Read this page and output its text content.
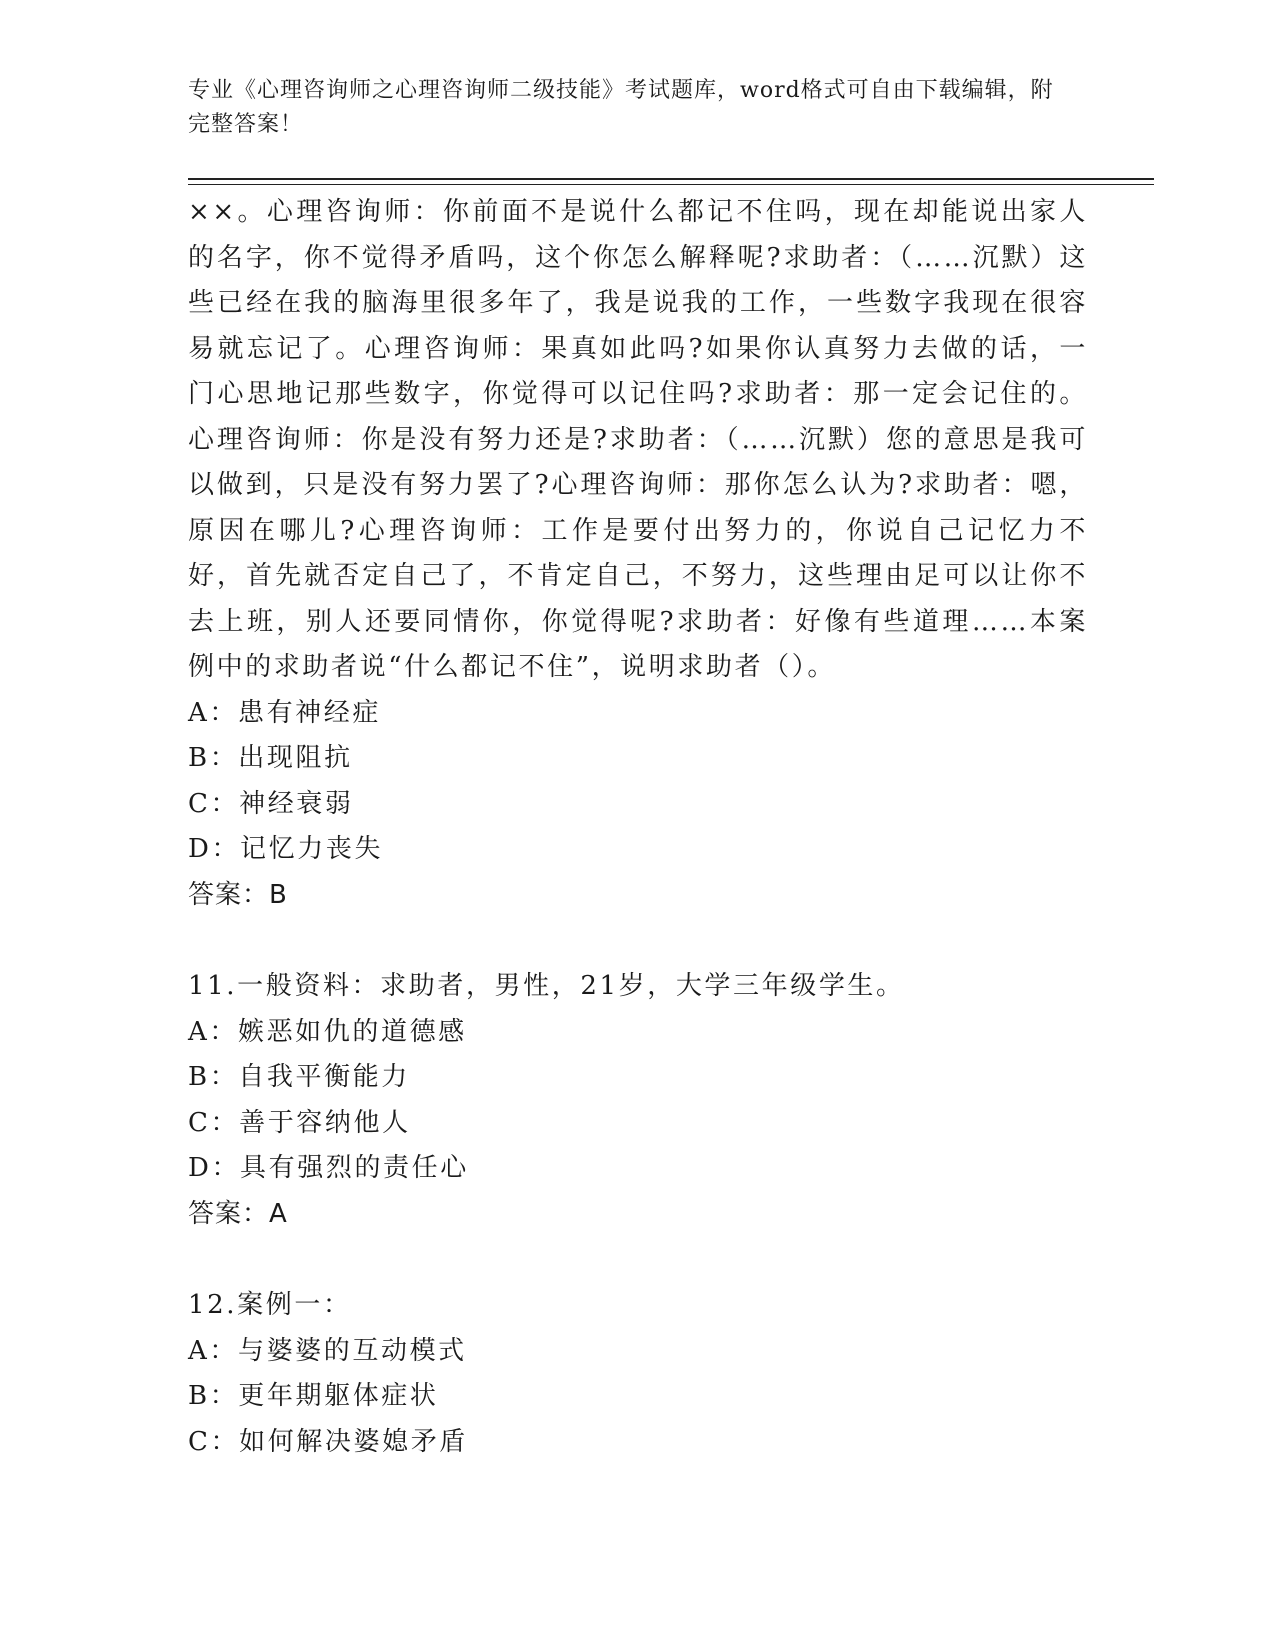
专业《心理咨询师之心理咨询师二级技能》考试题库，word格式可自由下载编辑，附完整答案！

××。心理咨询师：你前面不是说什么都记不住吗，现在却能说出家人的名字，你不觉得矛盾吗，这个你怎么解释呢?求助者：（……沉默）这些已经在我的脑海里很多年了，我是说我的工作，一些数字我现在很容易就忘记了。心理咨询师：果真如此吗?如果你认真努力去做的话，一门心思地记那些数字，你觉得可以记住吗?求助者：那一定会记住的。心理咨询师：你是没有努力还是?求助者：（……沉默）您的意思是我可以做到，只是没有努力罢了?心理咨询师：那你怎么认为?求助者：嗯，原因在哪儿?心理咨询师：工作是要付出努力的，你说自己记忆力不好，首先就否定自己了，不肯定自己，不努力，这些理由足可以让你不去上班，别人还要同情你，你觉得呢?求助者：好像有些道理……本案例中的求助者说“什么都记不住”，说明求助者（）。

A：患有神经症

B：出现阻抗

C：神经衰弱

D：记忆力丧失

答案：B

11.一般资料：求助者，男性，21岁，大学三年级学生。

A：嫉恶如仇的道德感

B：自我平衡能力

C：善于容纳他人

D：具有强烈的责任心

答案：A

12.案例一：

A：与婆婆的互动模式

B：更年期躯体症状

C：如何解决婆媳矛盾
